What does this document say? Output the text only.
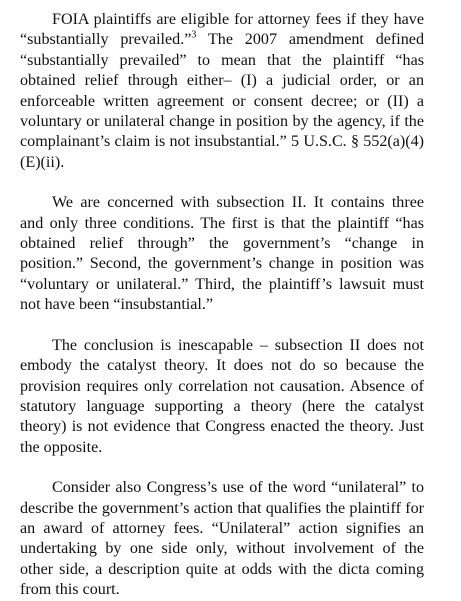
FOIA plaintiffs are eligible for attorney fees if they have “substantially prevailed.”$^3$ The 2007 amendment defined “substantially prevailed” to mean that the plaintiff “has obtained relief through either– (I) a judicial order, or an enforceable written agreement or consent decree; or (II) a voluntary or unilateral change in position by the agency, if the complainant’s claim is not insubstantial.” 5 U.S.C. § 552(a)(4)(E)(ii).

We are concerned with subsection II. It contains three and only three conditions. The first is that the plaintiff “has obtained relief through” the government’s “change in position.” Second, the government’s change in position was “voluntary or unilateral.” Third, the plaintiff’s lawsuit must not have been “insubstantial.”

The conclusion is inescapable – subsection II does not embody the catalyst theory. It does not do so because the provision requires only correlation not causation. Absence of statutory language supporting a theory (here the catalyst theory) is not evidence that Congress enacted the theory. Just the opposite.

Consider also Congress’s use of the word “unilateral” to describe the government’s action that qualifies the plaintiff for an award of attorney fees. “Unilateral” action signifies an undertaking by one side only, without involvement of the other side, a description quite at odds with the dicta coming from this court.
